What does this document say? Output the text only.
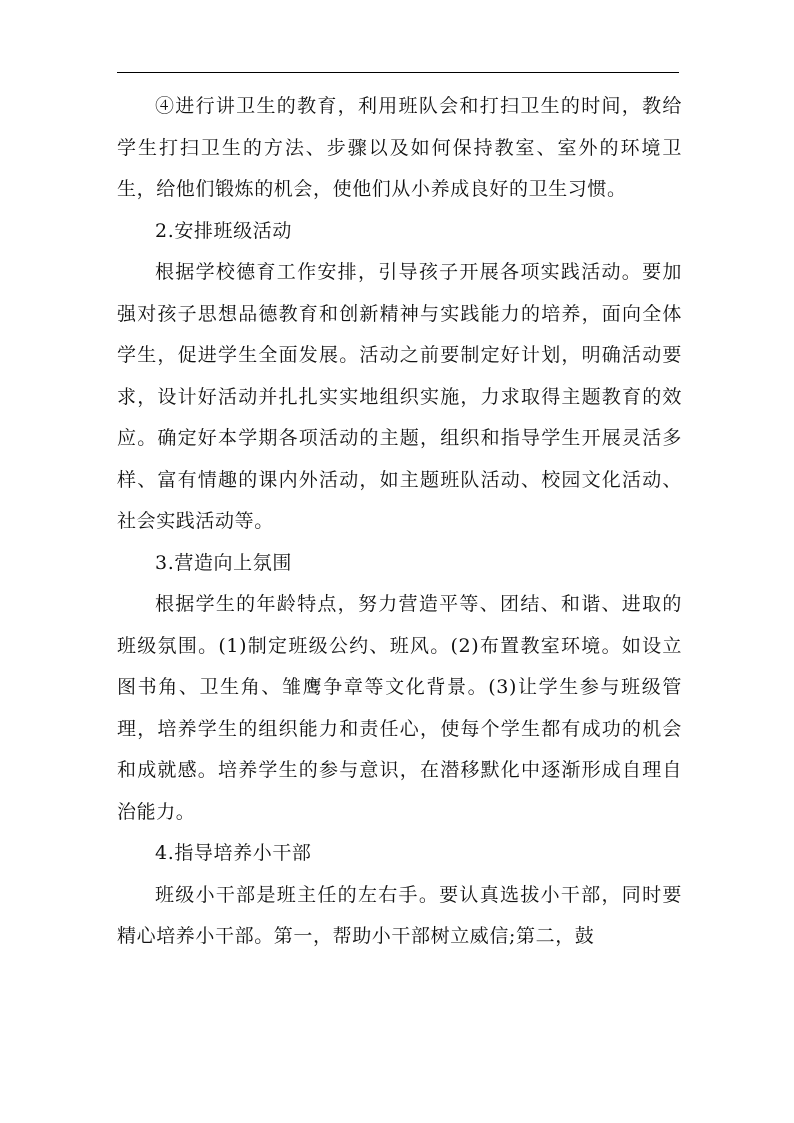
④进行讲卫生的教育，利用班队会和打扫卫生的时间，教给学生打扫卫生的方法、步骤以及如何保持教室、室外的环境卫生，给他们锻炼的机会，使他们从小养成良好的卫生习惯。

2.安排班级活动

根据学校德育工作安排，引导孩子开展各项实践活动。要加强对孩子思想品德教育和创新精神与实践能力的培养，面向全体学生，促进学生全面发展。活动之前要制定好计划，明确活动要求，设计好活动并扎扎实实地组织实施，力求取得主题教育的效应。确定好本学期各项活动的主题，组织和指导学生开展灵活多样、富有情趣的课内外活动，如主题班队活动、校园文化活动、社会实践活动等。

3.营造向上氛围

根据学生的年龄特点，努力营造平等、团结、和谐、进取的班级氛围。(1)制定班级公约、班风。(2)布置教室环境。如设立图书角、卫生角、雏鹰争章等文化背景。(3)让学生参与班级管理，培养学生的组织能力和责任心，使每个学生都有成功的机会和成就感。培养学生的参与意识，在潜移默化中逐渐形成自理自治能力。

4.指导培养小干部

班级小干部是班主任的左右手。要认真选拔小干部，同时要精心培养小干部。第一，帮助小干部树立威信;第二，鼓
